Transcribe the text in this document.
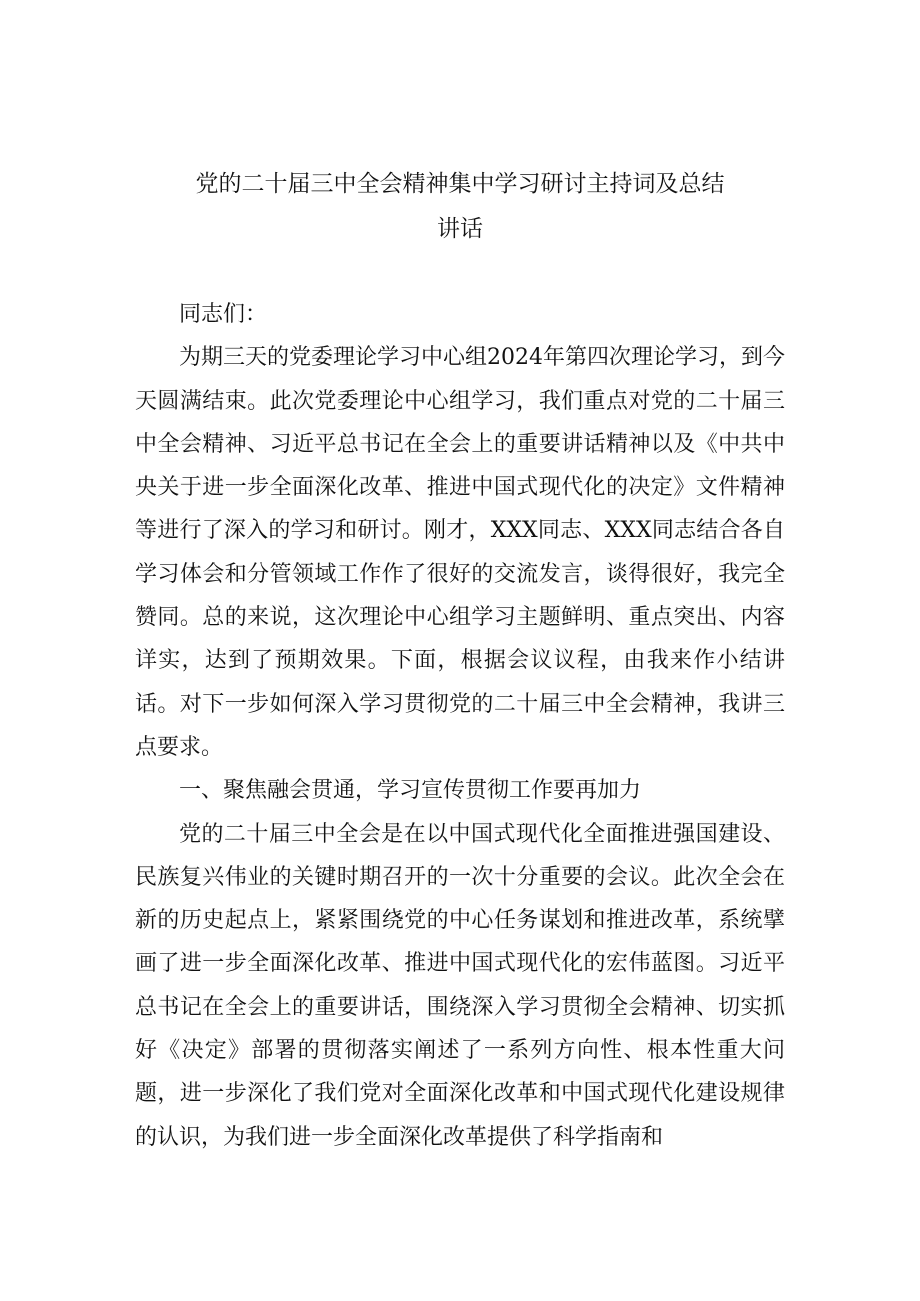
党的二十届三中全会精神集中学习研讨主持词及总结
讲话

同志们：

为期三天的党委理论学习中心组2024年第四次理论学习，到今天圆满结束。此次党委理论中心组学习，我们重点对党的二十届三中全会精神、习近平总书记在全会上的重要讲话精神以及《中共中央关于进一步全面深化改革、推进中国式现代化的决定》文件精神等进行了深入的学习和研讨。刚才，XXX同志、XXX同志结合各自学习体会和分管领域工作作了很好的交流发言，谈得很好，我完全赞同。总的来说，这次理论中心组学习主题鲜明、重点突出、内容详实，达到了预期效果。下面，根据会议议程，由我来作小结讲话。对下一步如何深入学习贯彻党的二十届三中全会精神，我讲三点要求。

一、聚焦融会贯通，学习宣传贯彻工作要再加力

党的二十届三中全会是在以中国式现代化全面推进强国建设、民族复兴伟业的关键时期召开的一次十分重要的会议。此次全会在新的历史起点上，紧紧围绕党的中心任务谋划和推进改革，系统擘画了进一步全面深化改革、推进中国式现代化的宏伟蓝图。习近平总书记在全会上的重要讲话，围绕深入学习贯彻全会精神、切实抓好《决定》部署的贯彻落实阐述了一系列方向性、根本性重大问题，进一步深化了我们党对全面深化改革和中国式现代化建设规律的认识，为我们进一步全面深化改革提供了科学指南和
